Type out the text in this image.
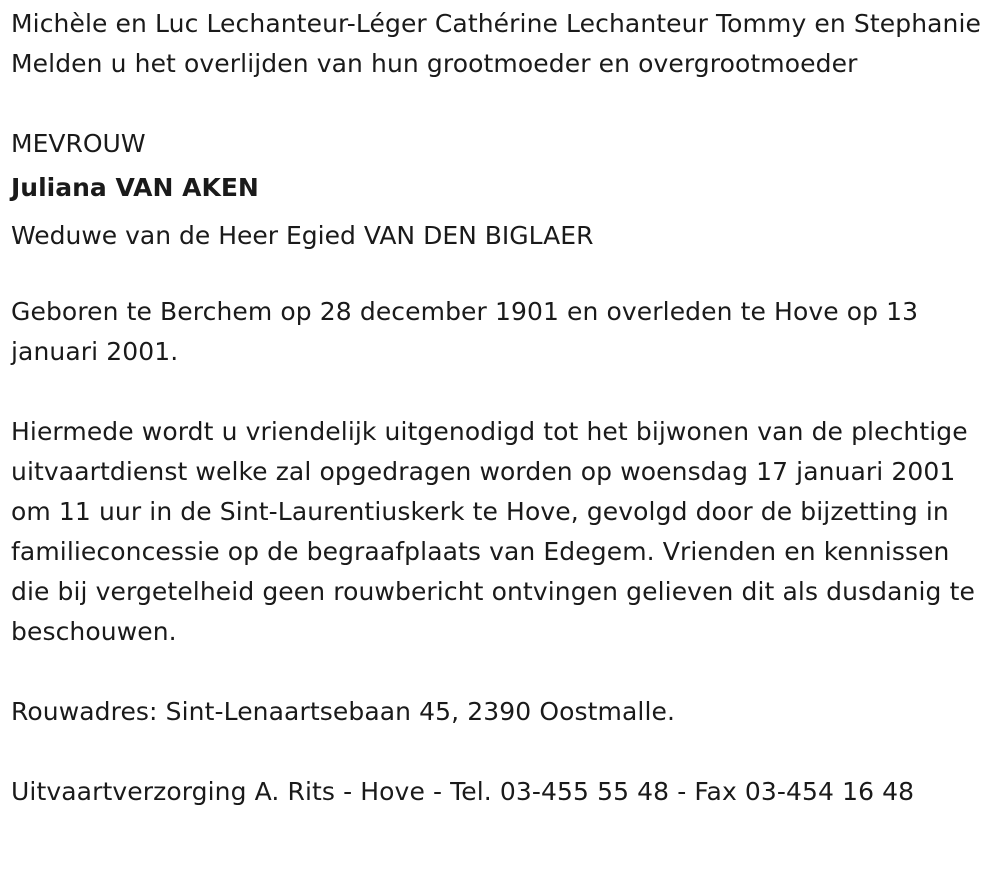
Michèle en Luc Lechanteur-Léger Cathérine Lechanteur Tommy en Stephanie Melden u het overlijden van hun grootmoeder en overgrootmoeder

MEVROUW

Juliana VAN AKEN

Weduwe van de Heer Egied VAN DEN BIGLAER

Geboren te Berchem op 28 december 1901 en overleden te Hove op 13 januari 2001.

Hiermede wordt u vriendelijk uitgenodigd tot het bijwonen van de plechtige uitvaartdienst welke zal opgedragen worden op woensdag 17 januari 2001 om 11 uur in de Sint-Laurentiuskerk te Hove, gevolgd door de bijzetting in familieconcessie op de begraafplaats van Edegem. Vrienden en kennissen die bij vergetelheid geen rouwbericht ontvingen gelieven dit als dusdanig te beschouwen.

Rouwadres: Sint-Lenaartsebaan 45, 2390 Oostmalle.

Uitvaartverzorging A. Rits - Hove - Tel. 03-455 55 48 - Fax 03-454 16 48
